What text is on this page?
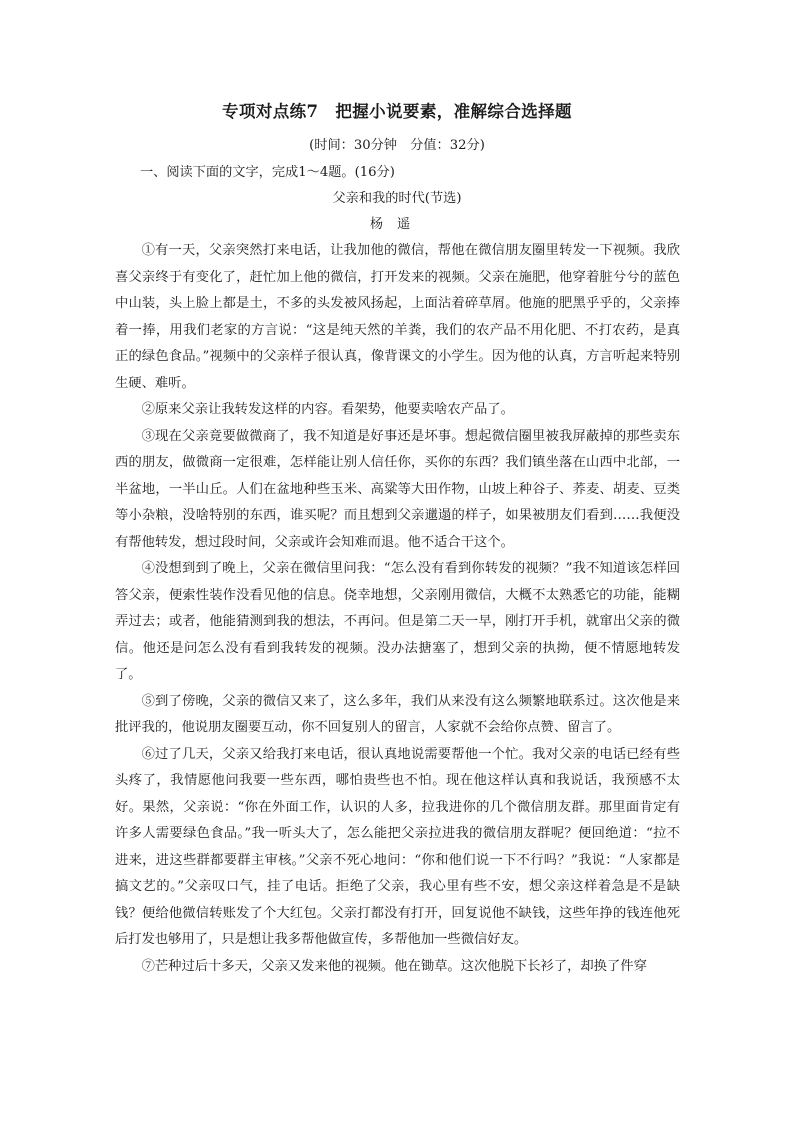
专项对点练7　把握小说要素，准解综合选择题
(时间：30分钟　分值：32分)
一、阅读下面的文字，完成1～4题。(16分)
父亲和我的时代(节选)
杨遥

①有一天，父亲突然打来电话，让我加他的微信，帮他在微信朋友圈里转发一下视频。我欣喜父亲终于有变化了，赶忙加上他的微信，打开发来的视频。父亲在施肥，他穿着脏兮兮的蓝色中山装，头上脸上都是土，不多的头发被风扬起，上面沾着碎草屑。他施的肥黑乎乎的，父亲捧着一捧，用我们老家的方言说：“这是纯天然的羊粪，我们的农产品不用化肥、不打农药，是真正的绿色食品。”视频中的父亲样子很认真，像背课文的小学生。因为他的认真，方言听起来特别生硬、难听。

②原来父亲让我转发这样的内容。看架势，他要卖啥农产品了。

③现在父亲竟要做微商了，我不知道是好事还是坏事。想起微信圈里被我屏蔽掉的那些卖东西的朋友，做微商一定很难，怎样能让别人信任你，买你的东西？我们镇坐落在山西中北部，一半盆地，一半山丘。人们在盆地种些玉米、高粱等大田作物，山坡上种谷子、荞麦、胡麦、豆类等小杂粮，没啥特别的东西，谁买呢？而且想到父亲邋遢的样子，如果被朋友们看到……我便没有帮他转发，想过段时间，父亲或许会知难而退。他不适合干这个。

④没想到到了晚上，父亲在微信里问我：“怎么没有看到你转发的视频？”我不知道该怎样回答父亲，便索性装作没看见他的信息。侥幸地想，父亲刚用微信，大概不太熟悉它的功能，能糊弄过去；或者，他能猜测到我的想法，不再问。但是第二天一早，刚打开手机，就窜出父亲的微信。他还是问怎么没有看到我转发的视频。没办法搪塞了，想到父亲的执拗，便不情愿地转发了。

⑤到了傍晚，父亲的微信又来了，这么多年，我们从来没有这么频繁地联系过。这次他是来批评我的，他说朋友圈要互动，你不回复别人的留言，人家就不会给你点赞、留言了。

⑥过了几天，父亲又给我打来电话，很认真地说需要帮他一个忙。我对父亲的电话已经有些头疼了，我情愿他问我要一些东西，哪怕贵些也不怕。现在他这样认真和我说话，我预感不太好。果然，父亲说：“你在外面工作，认识的人多，拉我进你的几个微信朋友群。那里面肯定有许多人需要绿色食品。”我一听头大了，怎么能把父亲拉进我的微信朋友群呢？便回绝道：“拉不进来，进这些群都要群主审核。”父亲不死心地问：“你和他们说一下不行吗？”我说：“人家都是搞文艺的。”父亲叹口气，挂了电话。拒绝了父亲，我心里有些不安，想父亲这样着急是不是缺钱？便给他微信转账发了个大红包。父亲打都没有打开，回复说他不缺钱，这些年挣的钱连他死后打发也够用了，只是想让我多帮他做宣传，多帮他加一些微信好友。

⑦芒种过后十多天，父亲又发来他的视频。他在锄草。这次他脱下长衫了，却换了件穿
